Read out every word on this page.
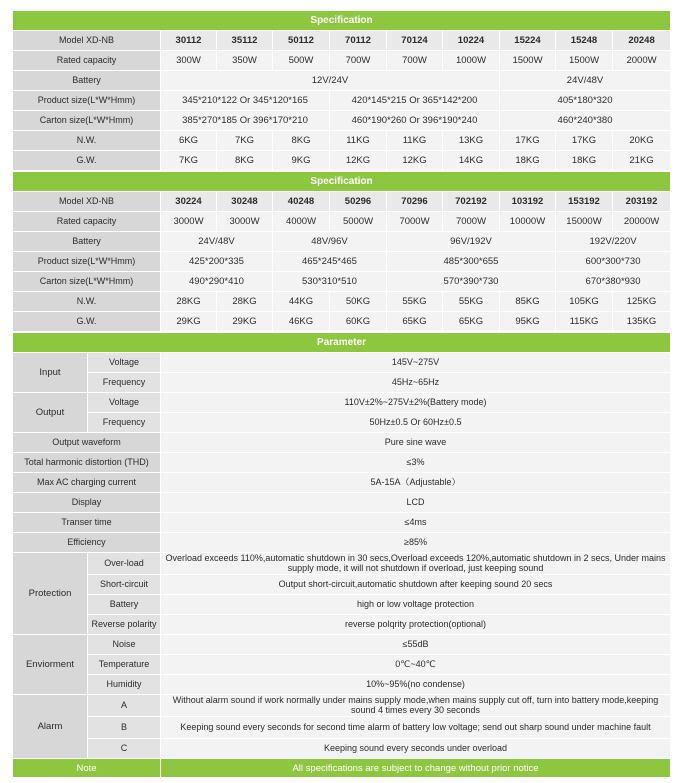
Specification									
Model XD-NB	30112	35112	50112	70112	70124	10224	15224	15248	20248
Rated capacity	300W	350W	500W	700W	700W	1000W	1500W	1500W	2000W
Battery	12V/24V						24V/48V		
Product size(L*W*Hmm)	345*210*122 Or 345*120*165			420*145*215 Or 365*142*200			405*180*320		
Carton size(L*W*Hmm)	385*270*185 Or 396*170*210			460*190*260 Or 396*190*240			460*240*380		
N.W.	6KG	7KG	8KG	11KG	11KG	13KG	17KG	17KG	20KG
G.W.	7KG	8KG	9KG	12KG	12KG	14KG	18KG	18KG	21KG
Specification									
Model XD-NB	30224	30248	40248	50296	70296	702192	103192	153192	203192
Rated capacity	3000W	3000W	4000W	5000W	7000W	7000W	10000W	15000W	20000W
Battery	24V/48V		48V/96V		96V/192V			192V/220V	
Product size(L*W*Hmm)	425*200*335		465*245*465		485*300*655			600*300*730	
Carton size(L*W*Hmm)	490*290*410		530*310*510		570*390*730			670*380*930	
N.W.	28KG	28KG	44KG	50KG	55KG	55KG	85KG	105KG	125KG
G.W.	29KG	29KG	46KG	60KG	65KG	65KG	95KG	115KG	135KG
Parameter		
Input	Voltage	145V~275V
	Frequency	45Hz~65Hz
Output	Voltage	110V±2%~275V±2%(Battery mode)
	Frequency	50Hz±0.5 Or 60Hz±0.5
Output waveform		Pure sine wave
Total harmonic distortion (THD)		≤3%
Max AC charging current		5A-15A（Adjustable）
Display		LCD
Transer time		≤4ms
Efficiency		≥85%
Protection	Over-load	Overload exceeds 110%,automatic shutdown in 30 secs,Overload exceeds 120%,automatic shutdown in 2 secs, Under mains supply mode, it will not shutdown if overload, just keeping sound
	Short-circuit	Output short-circuit,automatic shutdown after keeping sound 20 secs
	Battery	high or low voltage protection
	Reverse polarity	reverse polqrity protection(optional)
Enviorment	Noise	≤55dB
	Temperature	0℃~40℃
	Humidity	10%~95%(no condense)
Alarm	A	Without alarm sound if work normally under mains supply mode,when mains supply cut off, turn into battery mode,keeping sound 4 times every 30 seconds
	B	Keeping sound every seconds for second time alarm of battery low voltage; send out sharp sound under machine fault
	C	Keeping sound every seconds under overload
Note		All specifications are subject to change without prior notice
